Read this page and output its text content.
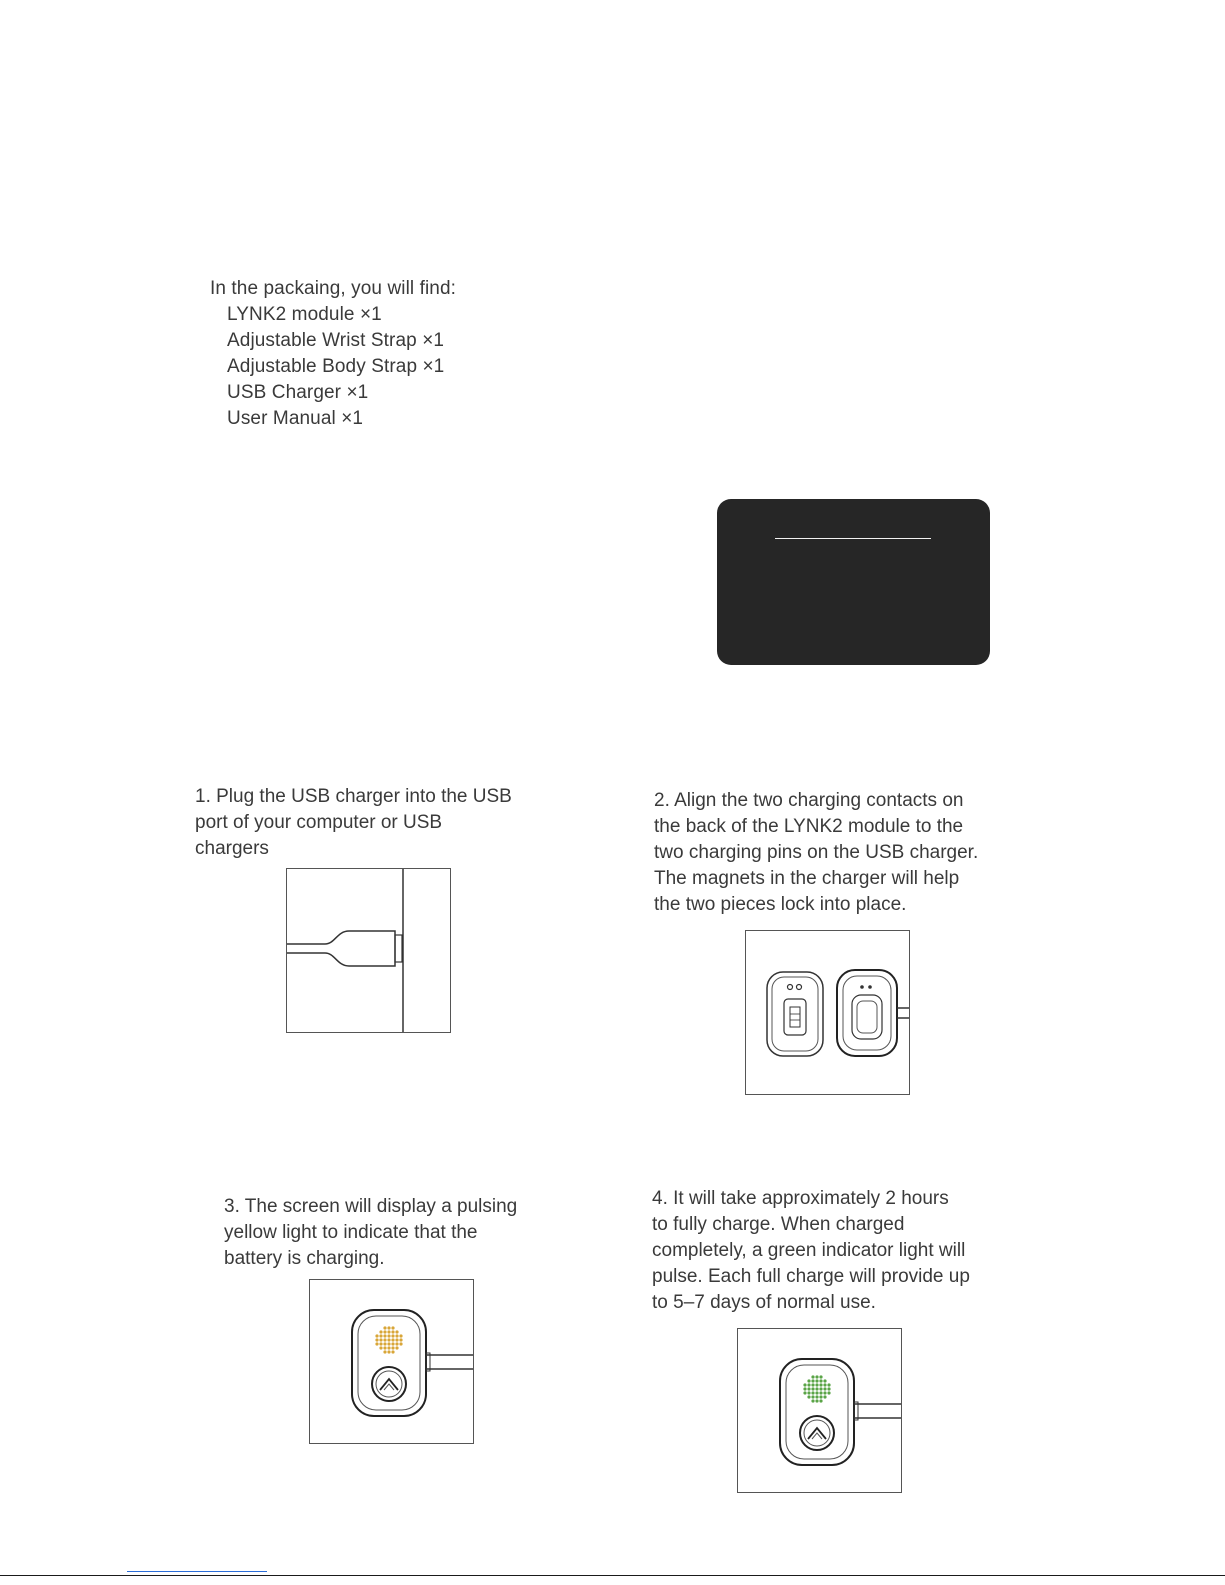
In the packaing, you will find:
LYNK2 module ×1
Adjustable Wrist Strap ×1
Adjustable Body Strap ×1
USB Charger ×1
User Manual ×1
1. Plug the USB charger into the USB
port of your computer or USB
chargers
2. Align the two charging contacts on
the back of the LYNK2 module to the
two charging pins on the USB charger.
The magnets in the charger will help
the two pieces lock into place.
3. The screen will display a pulsing
yellow light to indicate that the
battery is charging.
4. It will take approximately 2 hours
to fully charge. When charged
completely, a green indicator light will
pulse. Each full charge will provide up
to 5–7 days of normal use.
